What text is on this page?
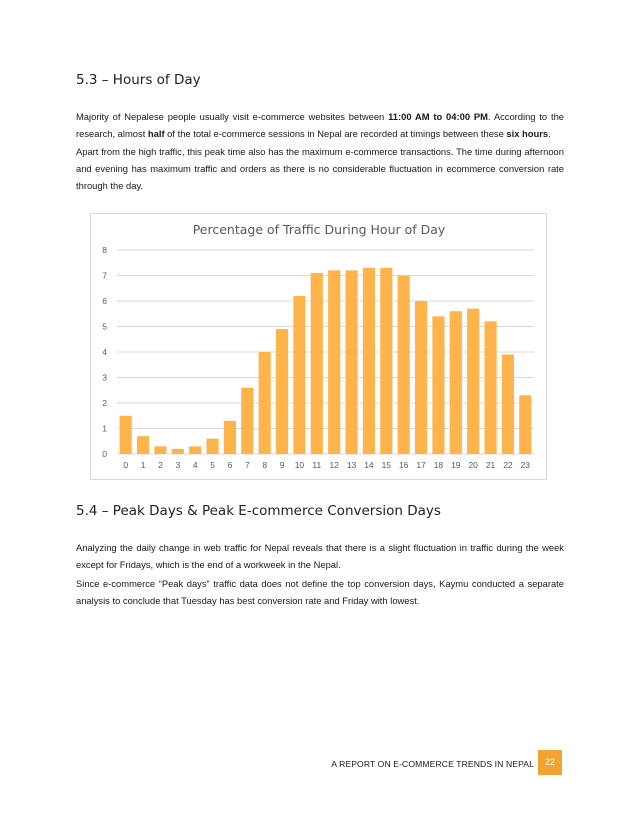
5.3 – Hours of Day

Majority of Nepalese people usually visit e-commerce websites between 11:00 AM to 04:00 PM. According to the research, almost half of the total e-commerce sessions in Nepal are recorded at timings between these six hours.

Apart from the high traffic, this peak time also has the maximum e-commerce transactions. The time during afternoon and evening has maximum traffic and orders as there is no considerable fluctuation in ecommerce conversion rate through the day.

Percentage of Traffic During Hour of Day
0
1
2
3
4
5
6
7
8
0 1 2 3 4 5 6 7 8 9 10 11 12 13 14 15 16 17 18 19 20 21 22 23
5.4 – Peak Days & Peak E-commerce Conversion Days

Analyzing the daily change in web traffic for Nepal reveals that there is a slight fluctuation in traffic during the week except for Fridays, which is the end of a workweek in the Nepal.

Since e-commerce “Peak days” traffic data does not define the top conversion days, Kaymu conducted a separate analysis to conclude that Tuesday has best conversion rate and Friday with lowest.

A REPORT ON E-COMMERCE TRENDS IN NEPAL	22
